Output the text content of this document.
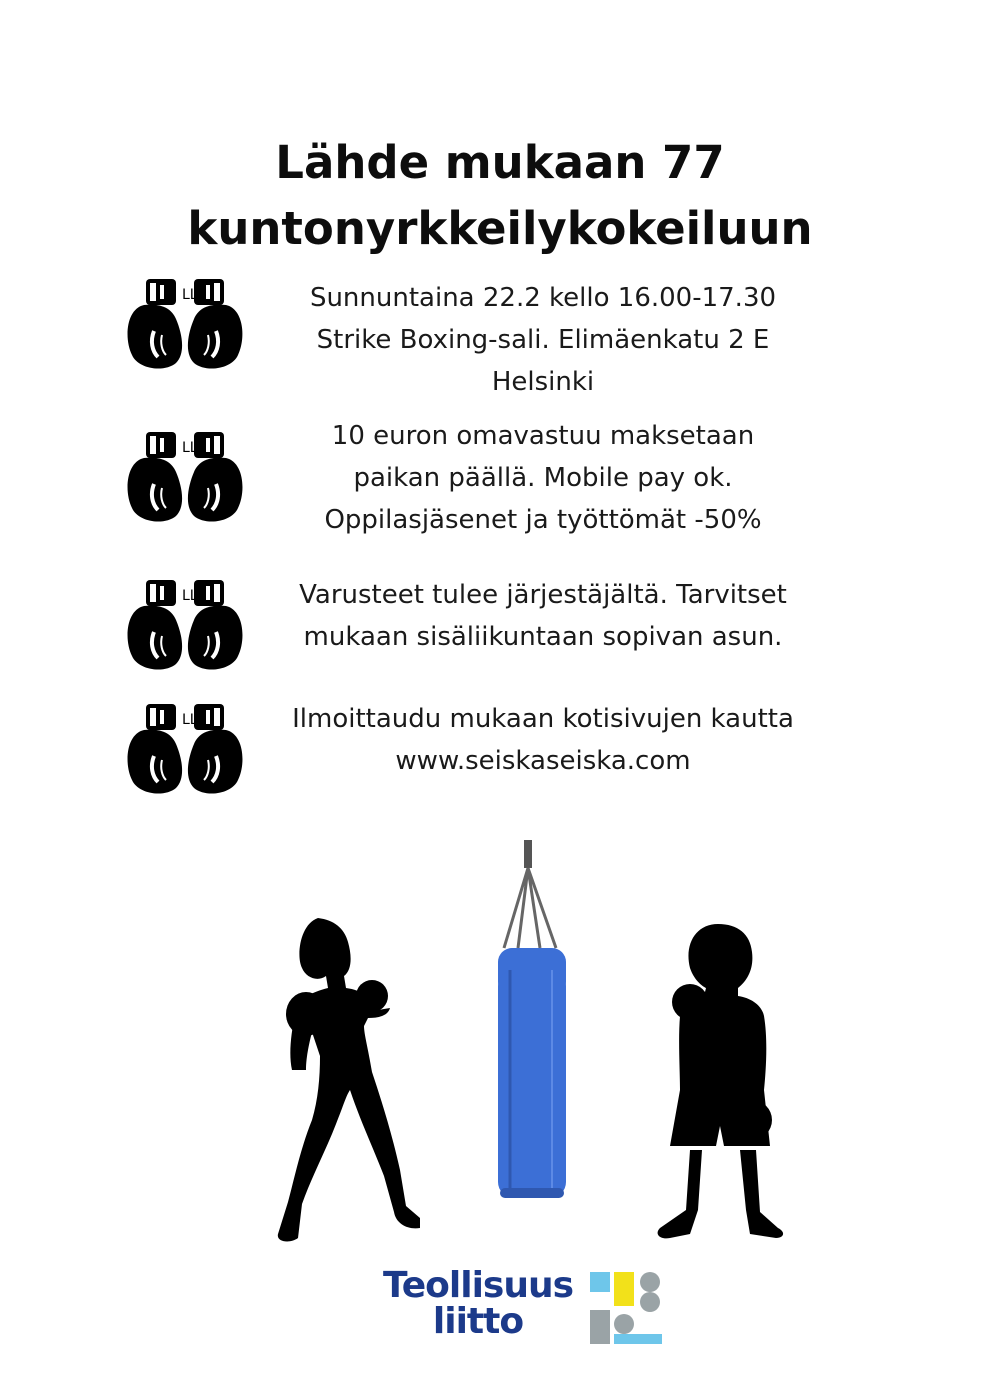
Lähde mukaan 77
kuntonyrkkeilykokeiluun
LL	Sunnuntaina 22.2 kello 16.00-17.30
Strike Boxing-sali. Elimäenkatu 2 E
Helsinki
LL	10 euron omavastuu maksetaan
paikan päällä. Mobile pay ok.
Oppilasjäsenet ja työttömät -50%
LL	Varusteet tulee järjestäjältä. Tarvitset
mukaan sisäliikuntaan sopivan asun.
LL	Ilmoittaudu mukaan kotisivujen kautta
www.seiskaseiska.com
Teollisuus
liitto
